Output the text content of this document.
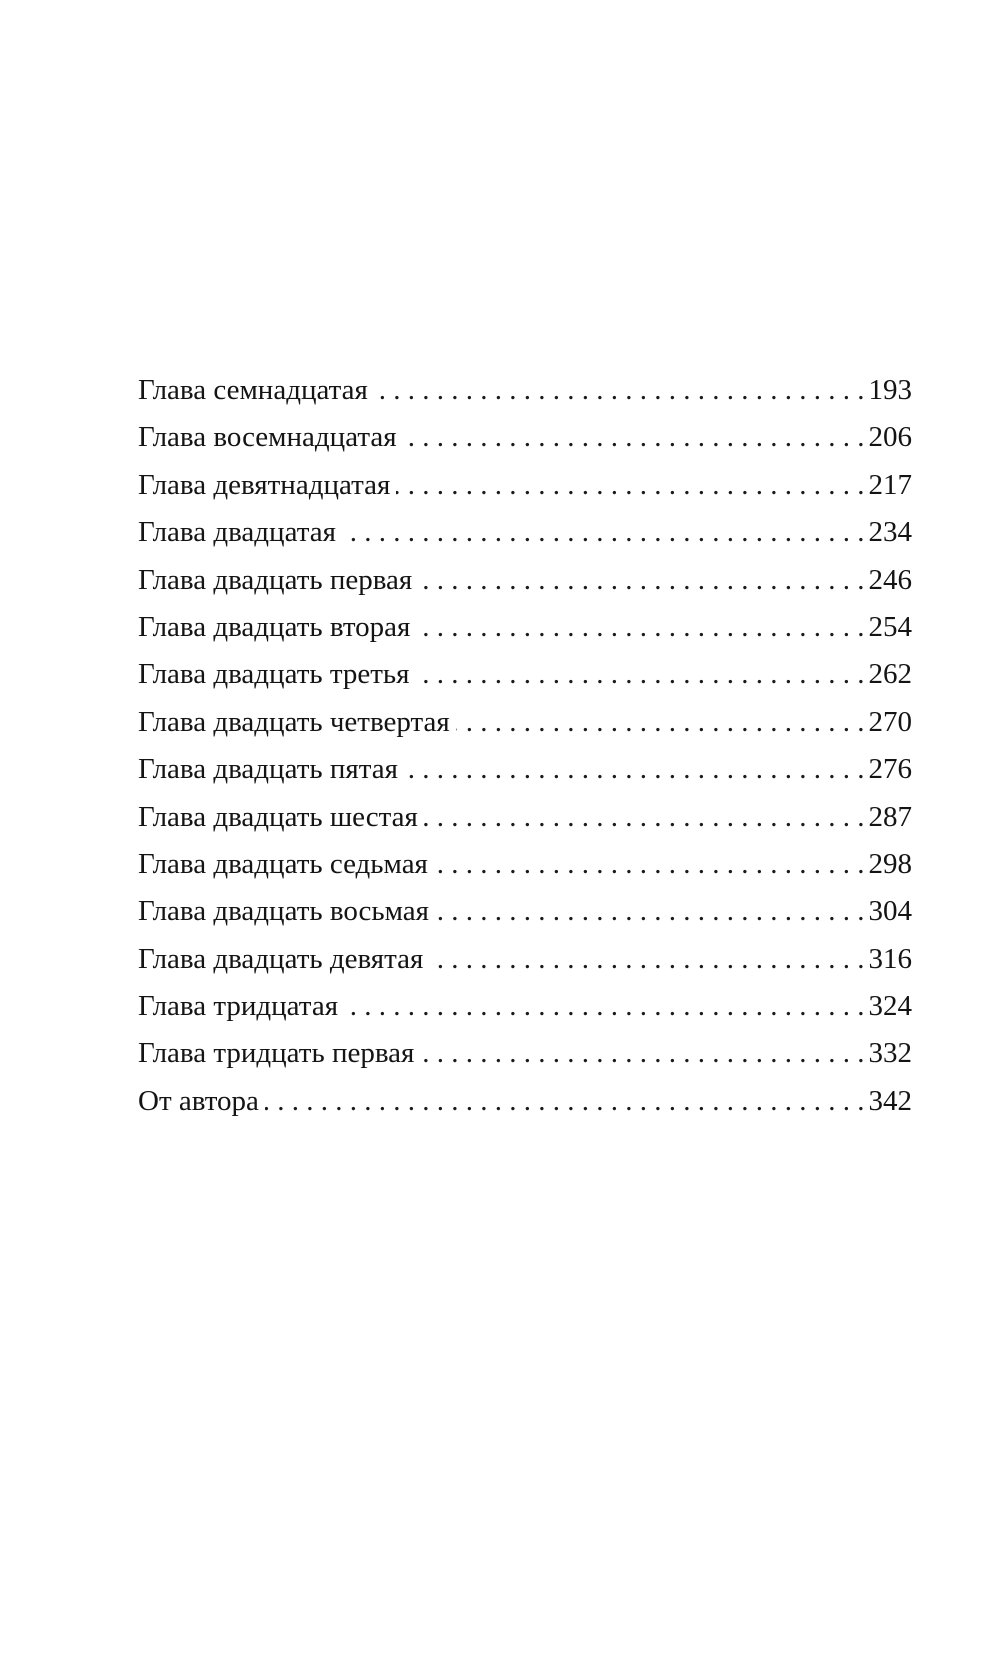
Глава семнадцатая . . .	193
Глава восемнадцатая . . .	206
Глава девятнадцатая . . .	217
Глава двадцатая . . .	234
Глава двадцать первая . . .	246
Глава двадцать вторая . . .	254
Глава двадцать третья . . .	262
Глава двадцать четвертая . . .	270
Глава двадцать пятая . . .	276
Глава двадцать шестая . . .	287
Глава двадцать седьмая . . .	298
Глава двадцать восьмая . . .	304
Глава двадцать девятая . . .	316
Глава тридцатая . . .	324
Глава тридцать первая . . .	332
От автора . . .	342
